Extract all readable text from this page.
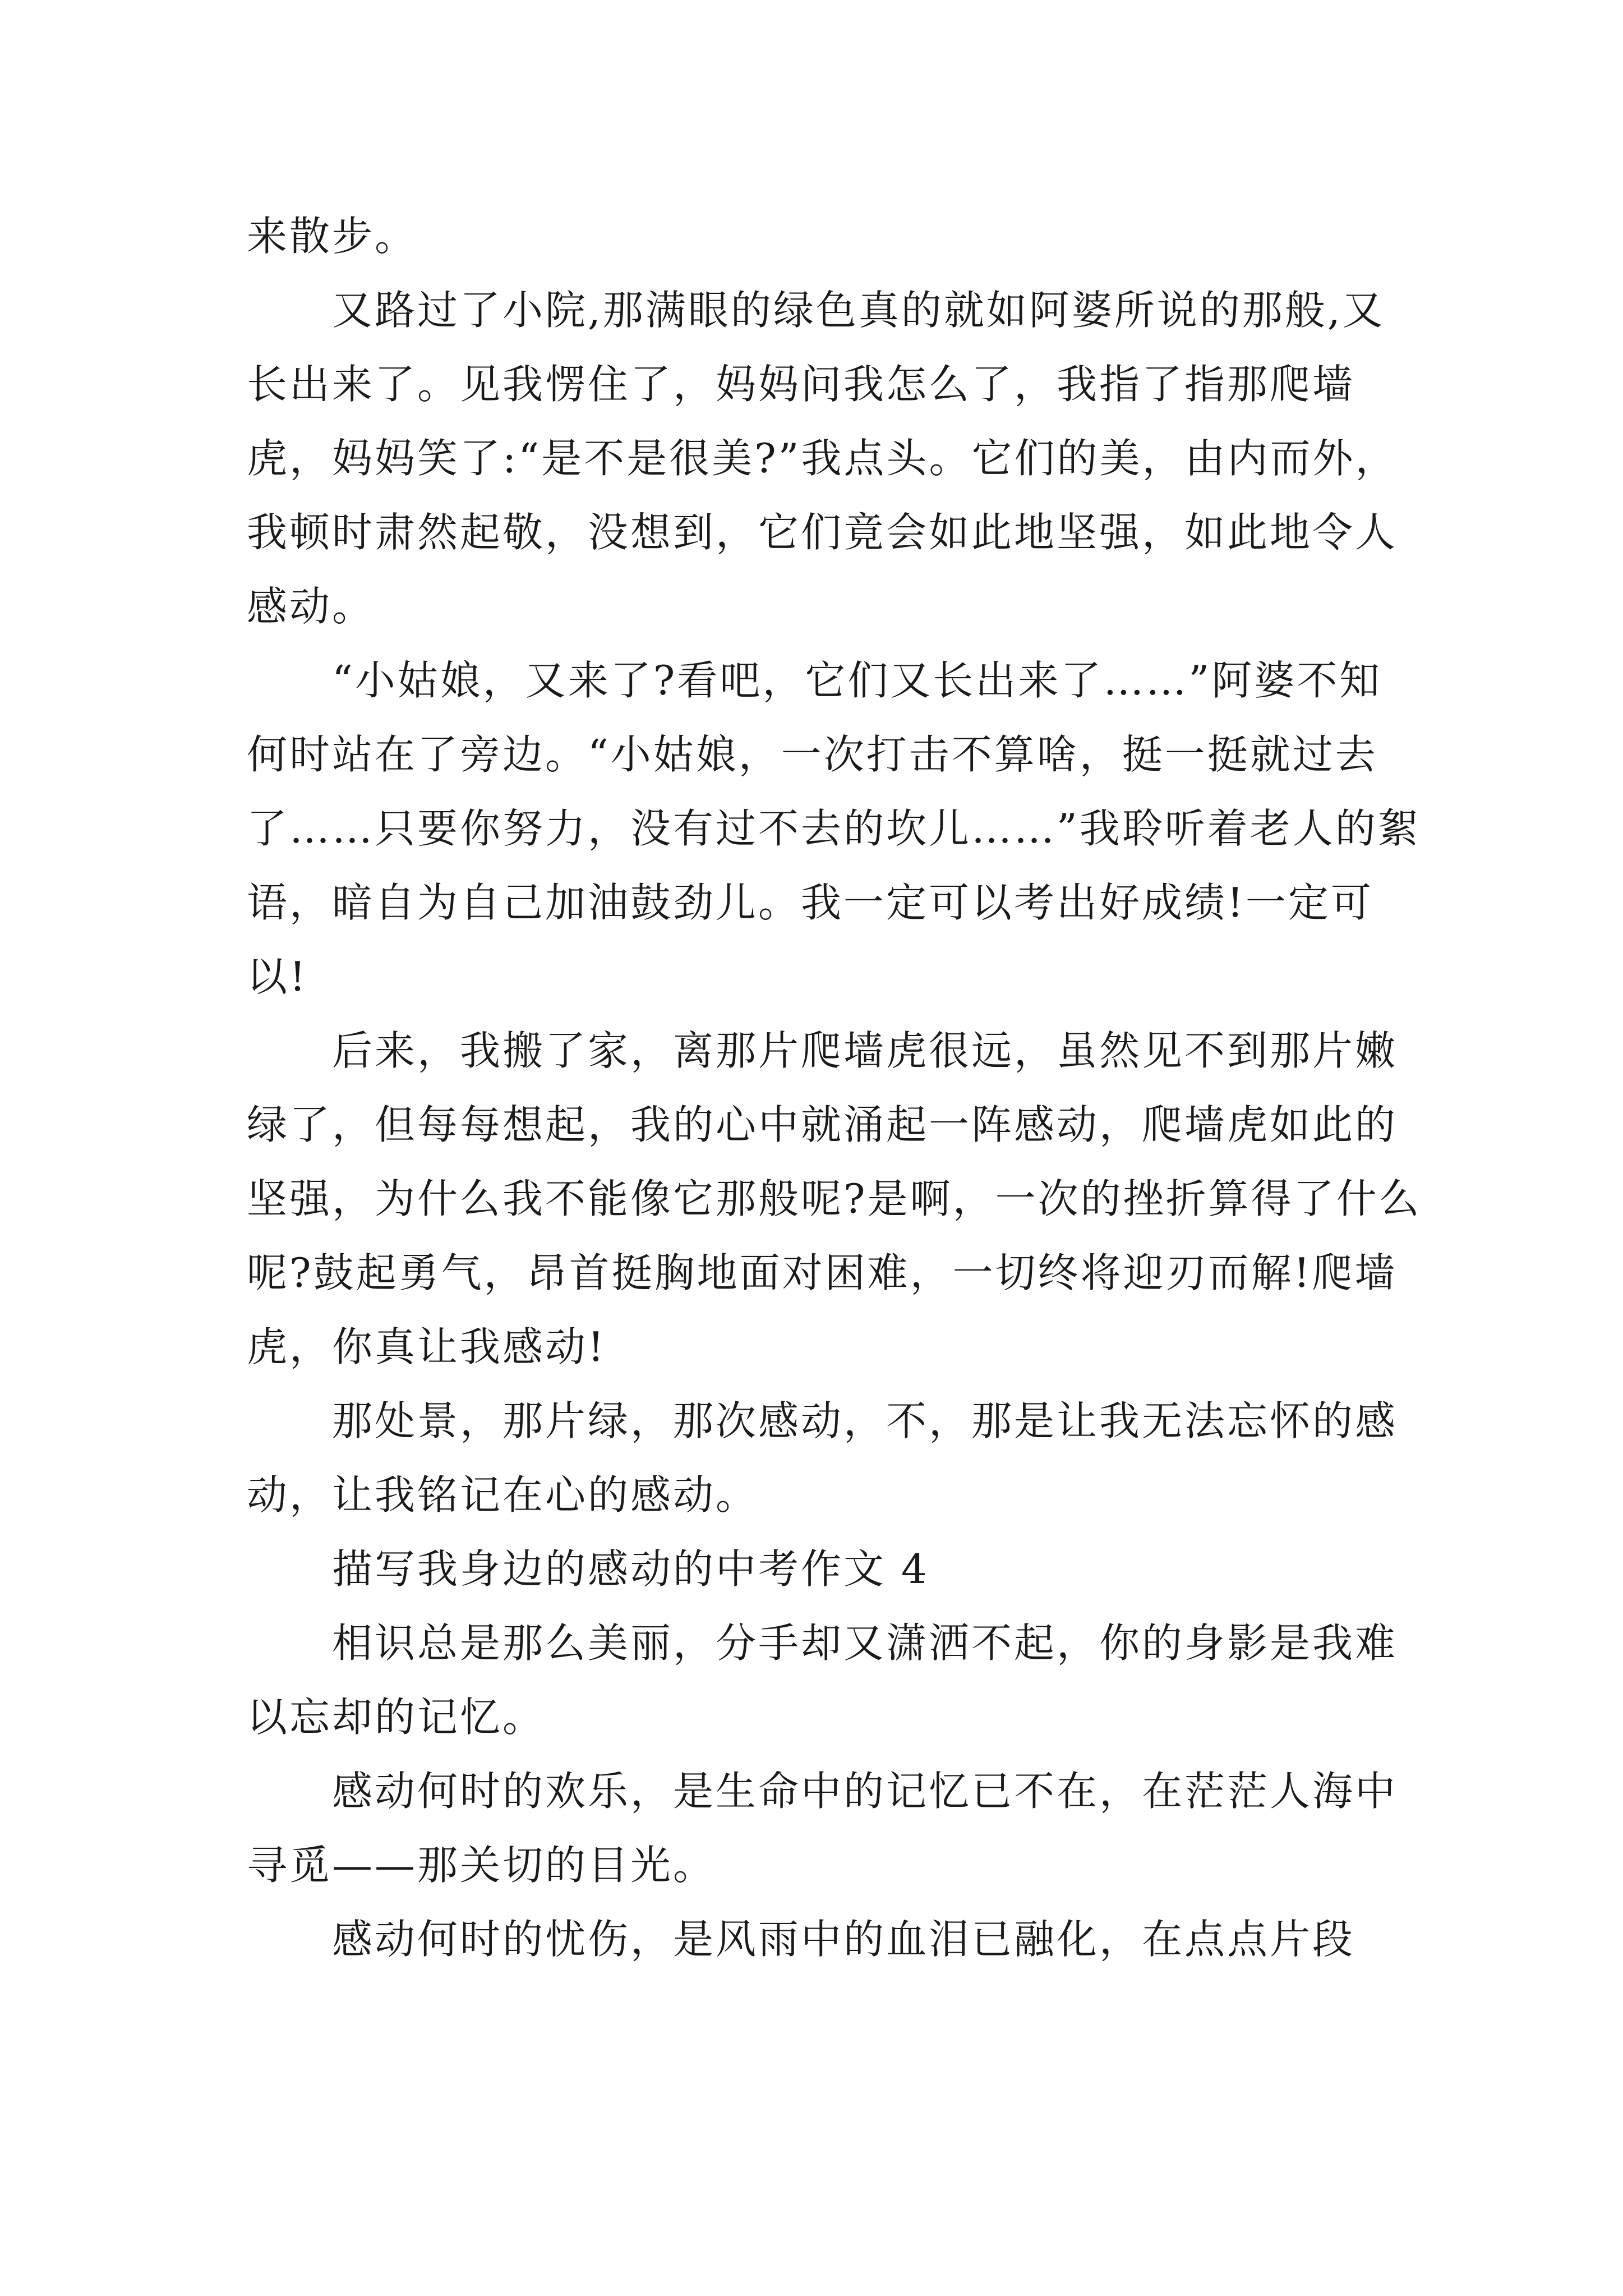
来散步。

又路过了小院,那满眼的绿色真的就如阿婆所说的那般,又长出来了。见我愣住了，妈妈问我怎么了，我指了指那爬墙虎，妈妈笑了:“是不是很美?”我点头。它们的美，由内而外，我顿时肃然起敬，没想到，它们竟会如此地坚强，如此地令人感动。

“小姑娘，又来了?看吧，它们又长出来了……”阿婆不知何时站在了旁边。“小姑娘，一次打击不算啥，挺一挺就过去了……只要你努力，没有过不去的坎儿……”我聆听着老人的絮语，暗自为自己加油鼓劲儿。我一定可以考出好成绩!一定可以!

后来，我搬了家，离那片爬墙虎很远，虽然见不到那片嫩绿了，但每每想起，我的心中就涌起一阵感动，爬墙虎如此的坚强，为什么我不能像它那般呢?是啊，一次的挫折算得了什么呢?鼓起勇气，昂首挺胸地面对困难，一切终将迎刃而解!爬墙虎，你真让我感动!

那处景，那片绿，那次感动，不，那是让我无法忘怀的感动，让我铭记在心的感动。

描写我身边的感动的中考作文 4

相识总是那么美丽，分手却又潇洒不起，你的身影是我难以忘却的记忆。

感动何时的欢乐，是生命中的记忆已不在，在茫茫人海中寻觅——那关切的目光。

感动何时的忧伤，是风雨中的血泪已融化，在点点片段
